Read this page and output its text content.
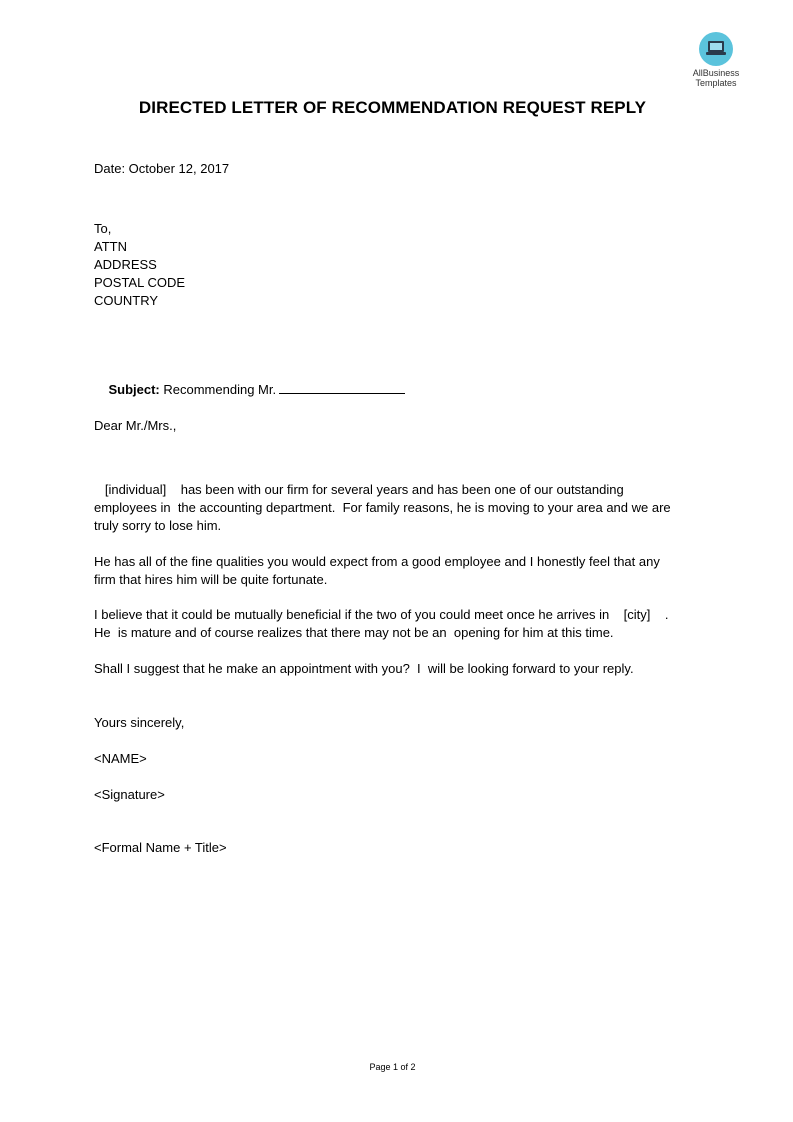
AllBusiness
Templates
DIRECTED LETTER OF RECOMMENDATION REQUEST REPLY
Date: October 12, 2017
To,
ATTN
ADDRESS
POSTAL CODE
COUNTRY

Subject: Recommending Mr.

Dear Mr./Mrs.,
[individual]    has been with our firm for several years and has been one of our outstanding
employees in  the accounting department.  For family reasons, he is moving to your area and we are
truly sorry to lose him.
He has all of the fine qualities you would expect from a good employee and I honestly feel that any
firm that hires him will be quite fortunate.
I believe that it could be mutually beneficial if the two of you could meet once he arrives in    [city]    .
He  is mature and of course realizes that there may not be an  opening for him at this time.
Shall I suggest that he make an appointment with you?  I  will be looking forward to your reply.
Yours sincerely,
<NAME>
<Signature>
<Formal Name + Title>
Page 1 of 2
